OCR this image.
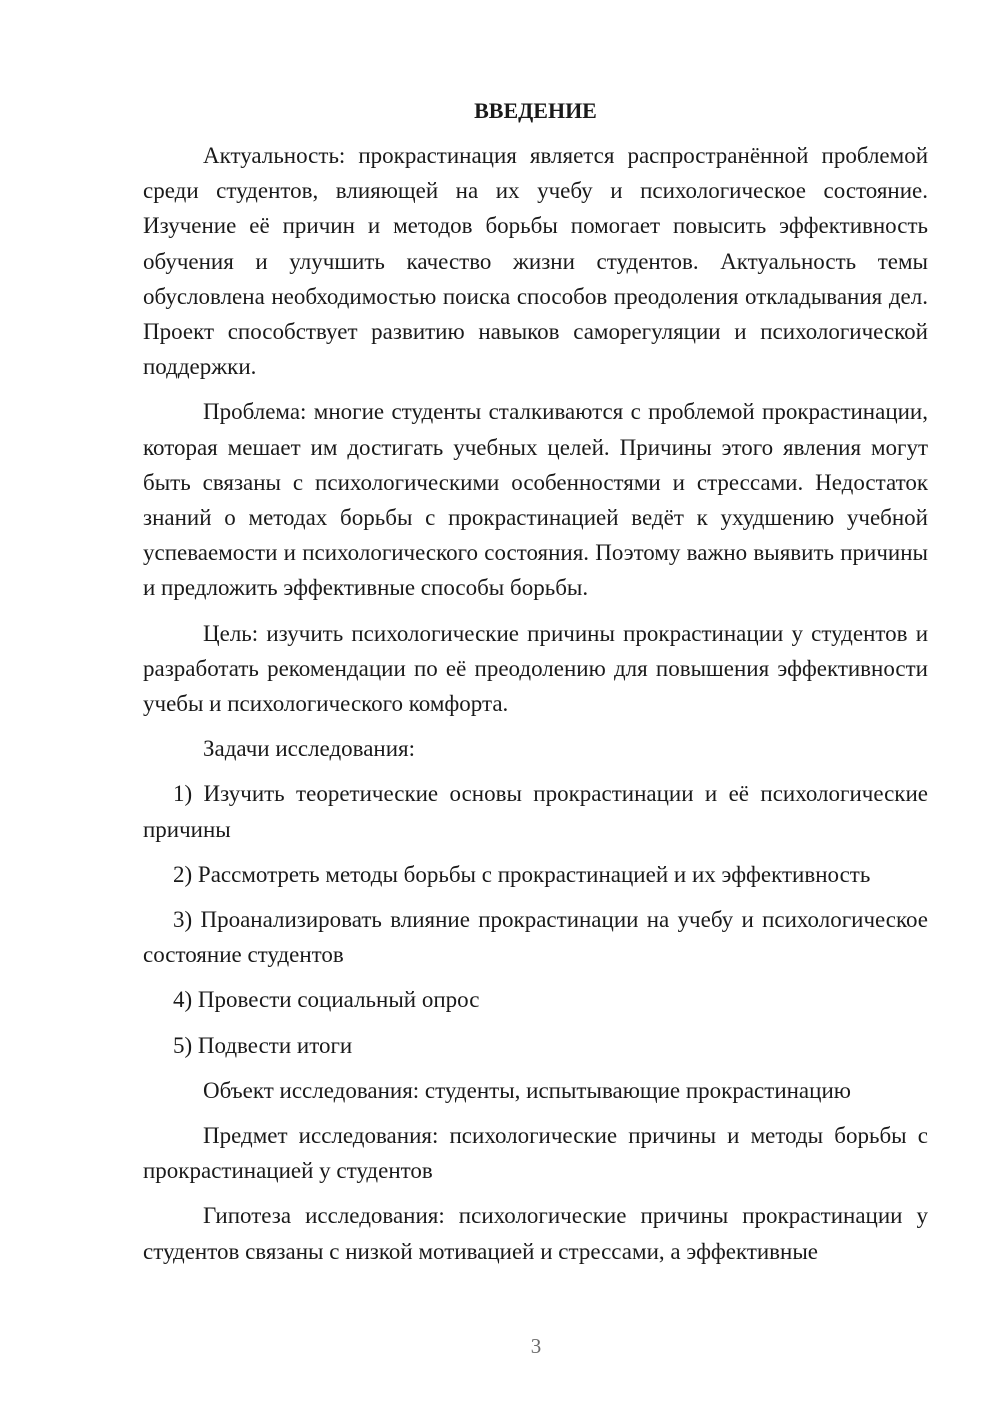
ВВЕДЕНИЕ

Актуальность: прокрастинация является распространённой проблемой среди студентов, влияющей на их учебу и психологическое состояние. Изучение её причин и методов борьбы помогает повысить эффективность обучения и улучшить качество жизни студентов. Актуальность темы обусловлена необходимостью поиска способов преодоления откладывания дел. Проект способствует развитию навыков саморегуляции и психологической поддержки.

Проблема: многие студенты сталкиваются с проблемой прокрастинации, которая мешает им достигать учебных целей. Причины этого явления могут быть связаны с психологическими особенностями и стрессами. Недостаток знаний о методах борьбы с прокрастинацией ведёт к ухудшению учебной успеваемости и психологического состояния. Поэтому важно выявить причины и предложить эффективные способы борьбы.

Цель: изучить психологические причины прокрастинации у студентов и разработать рекомендации по её преодолению для повышения эффективности учебы и психологического комфорта.

Задачи исследования:

1) Изучить теоретические основы прокрастинации и её психологические причины

2) Рассмотреть методы борьбы с прокрастинацией и их эффективность

3) Проанализировать влияние прокрастинации на учебу и психологическое состояние студентов

4) Провести социальный опрос

5) Подвести итоги

Объект исследования: студенты, испытывающие прокрастинацию

Предмет исследования: психологические причины и методы борьбы с прокрастинацией у студентов

Гипотеза исследования: психологические причины прокрастинации у студентов связаны с низкой мотивацией и стрессами, а эффективные

3
